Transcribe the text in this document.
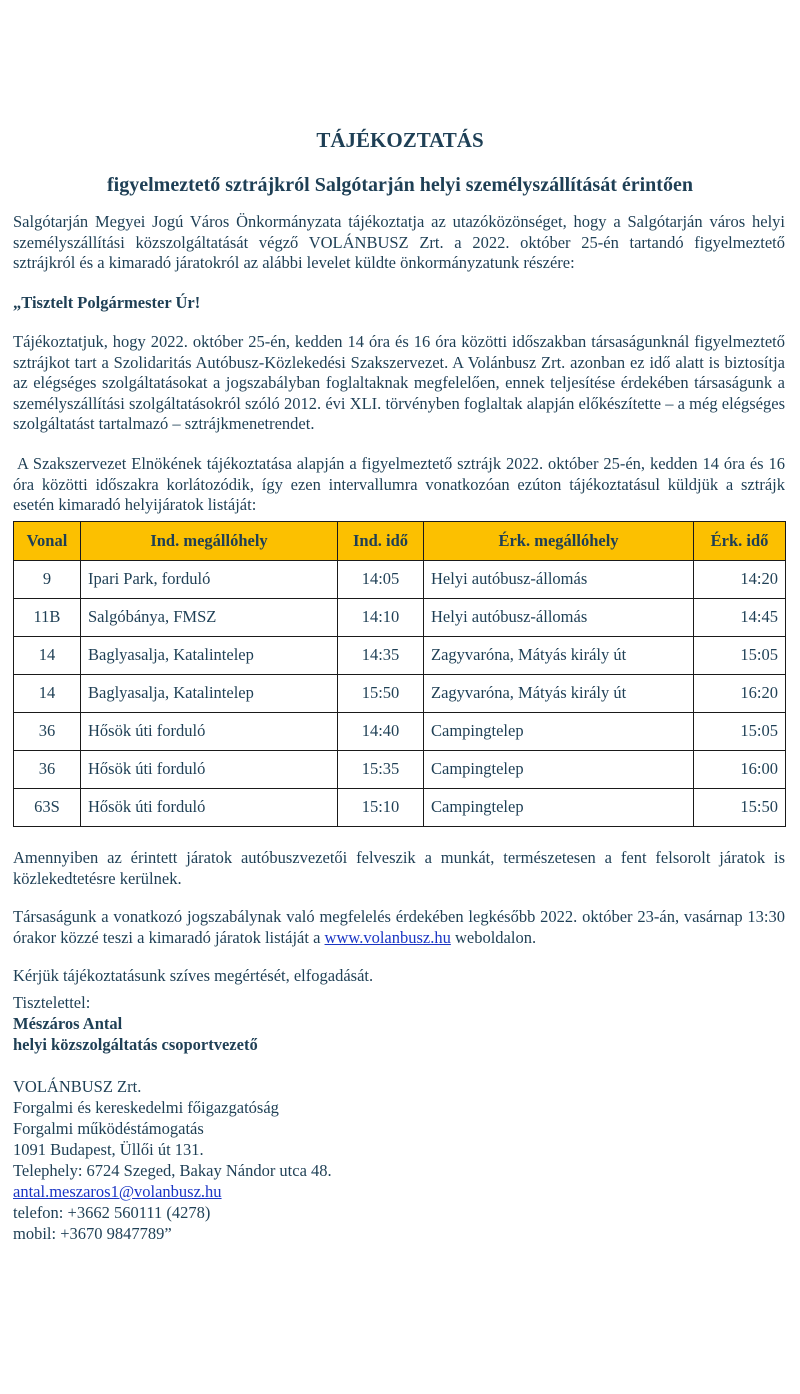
TÁJÉKOZTATÁS
figyelmeztető sztrájkról Salgótarján helyi személyszállítását érintően

Salgótarján Megyei Jogú Város Önkormányzata tájékoztatja az utazóközönséget, hogy a Salgótarján város helyi személyszállítási közszolgáltatását végző VOLÁNBUSZ Zrt. a 2022. október 25-én tartandó figyelmeztető sztrájkról és a kimaradó járatokról az alábbi levelet küldte önkormányzatunk részére:

„Tisztelt Polgármester Úr!

Tájékoztatjuk, hogy 2022. október 25-én, kedden 14 óra és 16 óra közötti időszakban társaságunknál figyelmeztető sztrájkot tart a Szolidaritás Autóbusz-Közlekedési Szakszervezet. A Volánbusz Zrt. azonban ez idő alatt is biztosítja az elégséges szolgáltatásokat a jogszabályban foglaltaknak megfelelően, ennek teljesítése érdekében társaságunk a személyszállítási szolgáltatásokról szóló 2012. évi XLI. törvényben foglaltak alapján előkészítette – a még elégséges szolgáltatást tartalmazó – sztrájkmenetrendet.

A Szakszervezet Elnökének tájékoztatása alapján a figyelmeztető sztrájk 2022. október 25-én, kedden 14 óra és 16 óra közötti időszakra korlátozódik, így ezen intervallumra vonatkozóan ezúton tájékoztatásul küldjük a sztrájk esetén kimaradó helyijáratok listáját:

Vonal	Ind. megállóhely	Ind. idő	Érk. megállóhely	Érk. idő
9	Ipari Park, forduló	14:05	Helyi autóbusz-állomás	14:20
11B	Salgóbánya, FMSZ	14:10	Helyi autóbusz-állomás	14:45
14	Baglyasalja, Katalintelep	14:35	Zagyvaróna, Mátyás király út	15:05
14	Baglyasalja, Katalintelep	15:50	Zagyvaróna, Mátyás király út	16:20
36	Hősök úti forduló	14:40	Campingtelep	15:05
36	Hősök úti forduló	15:35	Campingtelep	16:00
63S	Hősök úti forduló	15:10	Campingtelep	15:50

Amennyiben az érintett járatok autóbuszvezetői felveszik a munkát, természetesen a fent felsorolt járatok is közlekedtetésre kerülnek.

Társaságunk a vonatkozó jogszabálynak való megfelelés érdekében legkésőbb 2022. október 23-án, vasárnap 13:30 órakor közzé teszi a kimaradó járatok listáját a www.volanbusz.hu weboldalon.

Kérjük tájékoztatásunk szíves megértését, elfogadását.

Tisztelettel:

Mészáros Antal

helyi közszolgáltatás csoportvezető

VOLÁNBUSZ Zrt.

Forgalmi és kereskedelmi főigazgatóság

Forgalmi működéstámogatás

1091 Budapest, Üllői út 131.

Telephely: 6724 Szeged, Bakay Nándor utca 48.

antal.meszaros1@volanbusz.hu

telefon: +3662 560111 (4278)

mobil: +3670 9847789”
